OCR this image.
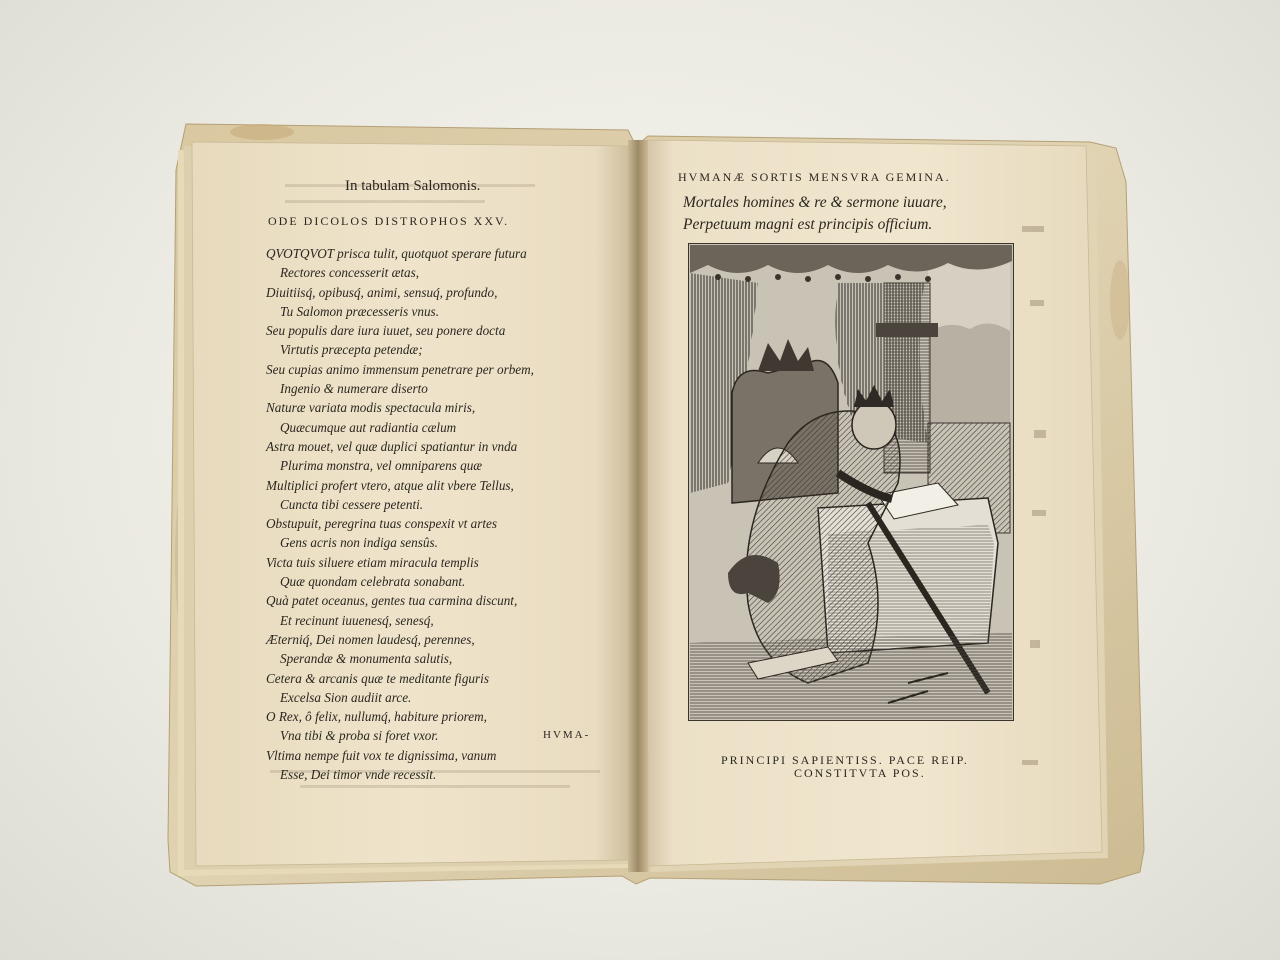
In tabulam Salomonis.
ODE DICOLOS DISTROPHOS XXV.
QVOTQVOT prisca tulit, quotquot sperare futura
Rectores concesserit ætas,
Diuitiisq́, opibusq́, animi, sensuq́, profundo,
Tu Salomon præcesseris vnus.
Seu populis dare iura iuuet, seu ponere docta
Virtutis præcepta petendæ;
Seu cupias animo immensum penetrare per orbem,
Ingenio & numerare diserto
Naturæ variata modis spectacula miris,
Quæcumque aut radiantia cælum
Astra mouet, vel quæ duplici spatiantur in vnda
Plurima monstra, vel omniparens quæ
Multiplici profert vtero, atque alit vbere Tellus,
Cuncta tibi cessere petenti.
Obstupuit, peregrina tuas conspexit vt artes
Gens acris non indiga sensûs.
Victa tuis siluere etiam miracula templis
Quæ quondam celebrata sonabant.
Quà patet oceanus, gentes tua carmina discunt,
Et recinunt iuuenesq́, senesq́,
Æterniq́, Dei nomen laudesq́, perennes,
Sperandæ & monumenta salutis,
Cetera & arcanis quæ te meditante figuris
Excelsa Sion audiit arce.
O Rex, ô felix, nullumq́, habiture priorem,
Vna tibi & proba si foret vxor.
Vltima nempe fuit vox te dignissima, vanum
Esse, Dei timor vnde recessit.
HVMA-
HVMANÆ SORTIS MENSVRA GEMINA.
Mortales homines & re & sermone iuuare,
Perpetuum magni est principis officium.
PRINCIPI SAPIENTISS. PACE REIP.
CONSTITVTA POS.
